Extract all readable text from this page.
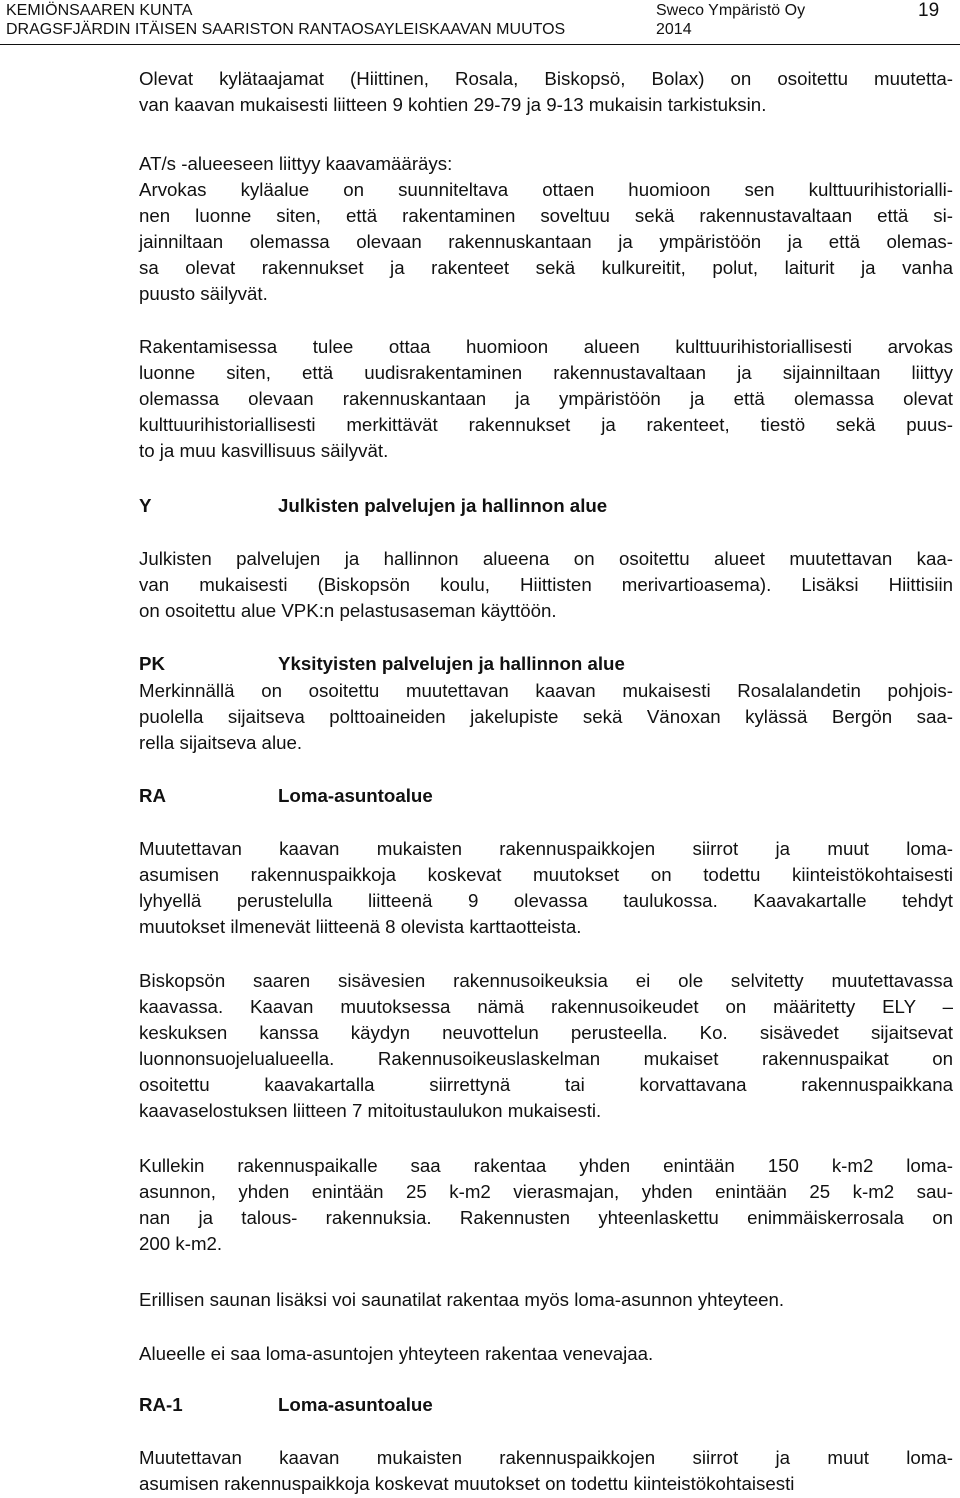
KEMIÖNSAAREN KUNTA
DRAGSFJÄRDIN ITÄISEN SAARISTON RANTAOSAYLEISKAAVAN MUUTOS
Sweco Ympäristö Oy
2014
19
Olevat kylätaajamat (Hiittinen, Rosala, Biskopsö, Bolax) on osoitettu muutetta-
van kaavan mukaisesti liitteen 9 kohtien 29-79 ja 9-13 mukaisin tarkistuksin.
AT/s -alueeseen liittyy kaavamääräys:
Arvokas kyläalue on suunniteltava ottaen huomioon sen kulttuurihistorialli-
nen luonne siten, että rakentaminen soveltuu sekä rakennustavaltaan että si-
jainniltaan olemassa olevaan rakennuskantaan ja ympäristöön ja että olemas-
sa olevat rakennukset ja rakenteet sekä kulkureitit, polut, laiturit ja vanha
puusto säilyvät.
Rakentamisessa tulee ottaa huomioon alueen kulttuurihistoriallisesti arvokas
luonne siten, että uudisrakentaminen rakennustavaltaan ja sijainniltaan liittyy
olemassa olevaan rakennuskantaan ja ympäristöön ja että olemassa olevat
kulttuurihistoriallisesti merkittävät rakennukset ja rakenteet, tiestö sekä puus-
to ja muu kasvillisuus säilyvät.
Y	Julkisten palvelujen ja hallinnon alue
Julkisten palvelujen ja hallinnon alueena on osoitettu alueet muutettavan kaa-
van mukaisesti (Biskopsön koulu, Hiittisten merivartioasema). Lisäksi Hiittisiin
on osoitettu alue VPK:n pelastusaseman käyttöön.
PK	Yksityisten palvelujen ja hallinnon alue
Merkinnällä on osoitettu muutettavan kaavan mukaisesti Rosalalandetin pohjois-
puolella sijaitseva polttoaineiden jakelupiste sekä Vänoxan kylässä Bergön saa-
rella sijaitseva alue.
RA	Loma-asuntoalue
Muutettavan kaavan mukaisten rakennuspaikkojen siirrot ja muut loma-
asumisen rakennuspaikkoja koskevat muutokset on todettu kiinteistökohtaisesti
lyhyellä perustelulla liitteenä 9 olevassa taulukossa. Kaavakartalle tehdyt
muutokset ilmenevät liitteenä 8 olevista karttaotteista.
Biskopsön saaren sisävesien rakennusoikeuksia ei ole selvitetty muutettavassa
kaavassa. Kaavan muutoksessa nämä rakennusoikeudet on määritetty ELY –
keskuksen kanssa käydyn neuvottelun perusteella. Ko. sisävedet sijaitsevat
luonnonsuojelualueella. Rakennusoikeuslaskelman mukaiset rakennuspaikat on
osoitettu kaavakartalla siirrettynä tai korvattavana rakennuspaikkana
kaavaselostuksen liitteen 7 mitoitustaulukon mukaisesti.
Kullekin rakennuspaikalle saa rakentaa yhden enintään 150 k-m2 loma-
asunnon, yhden enintään 25 k-m2 vierasmajan, yhden enintään 25 k-m2 sau-
nan ja talous- rakennuksia. Rakennusten yhteenlaskettu enimmäiskerrosala on
200 k-m2.
Erillisen saunan lisäksi voi saunatilat rakentaa myös loma-asunnon yhteyteen.
Alueelle ei saa loma-asuntojen yhteyteen rakentaa venevajaa.
RA-1	Loma-asuntoalue
Muutettavan kaavan mukaisten rakennuspaikkojen siirrot ja muut loma-
asumisen rakennuspaikkoja koskevat muutokset on todettu kiinteistökohtaisesti
